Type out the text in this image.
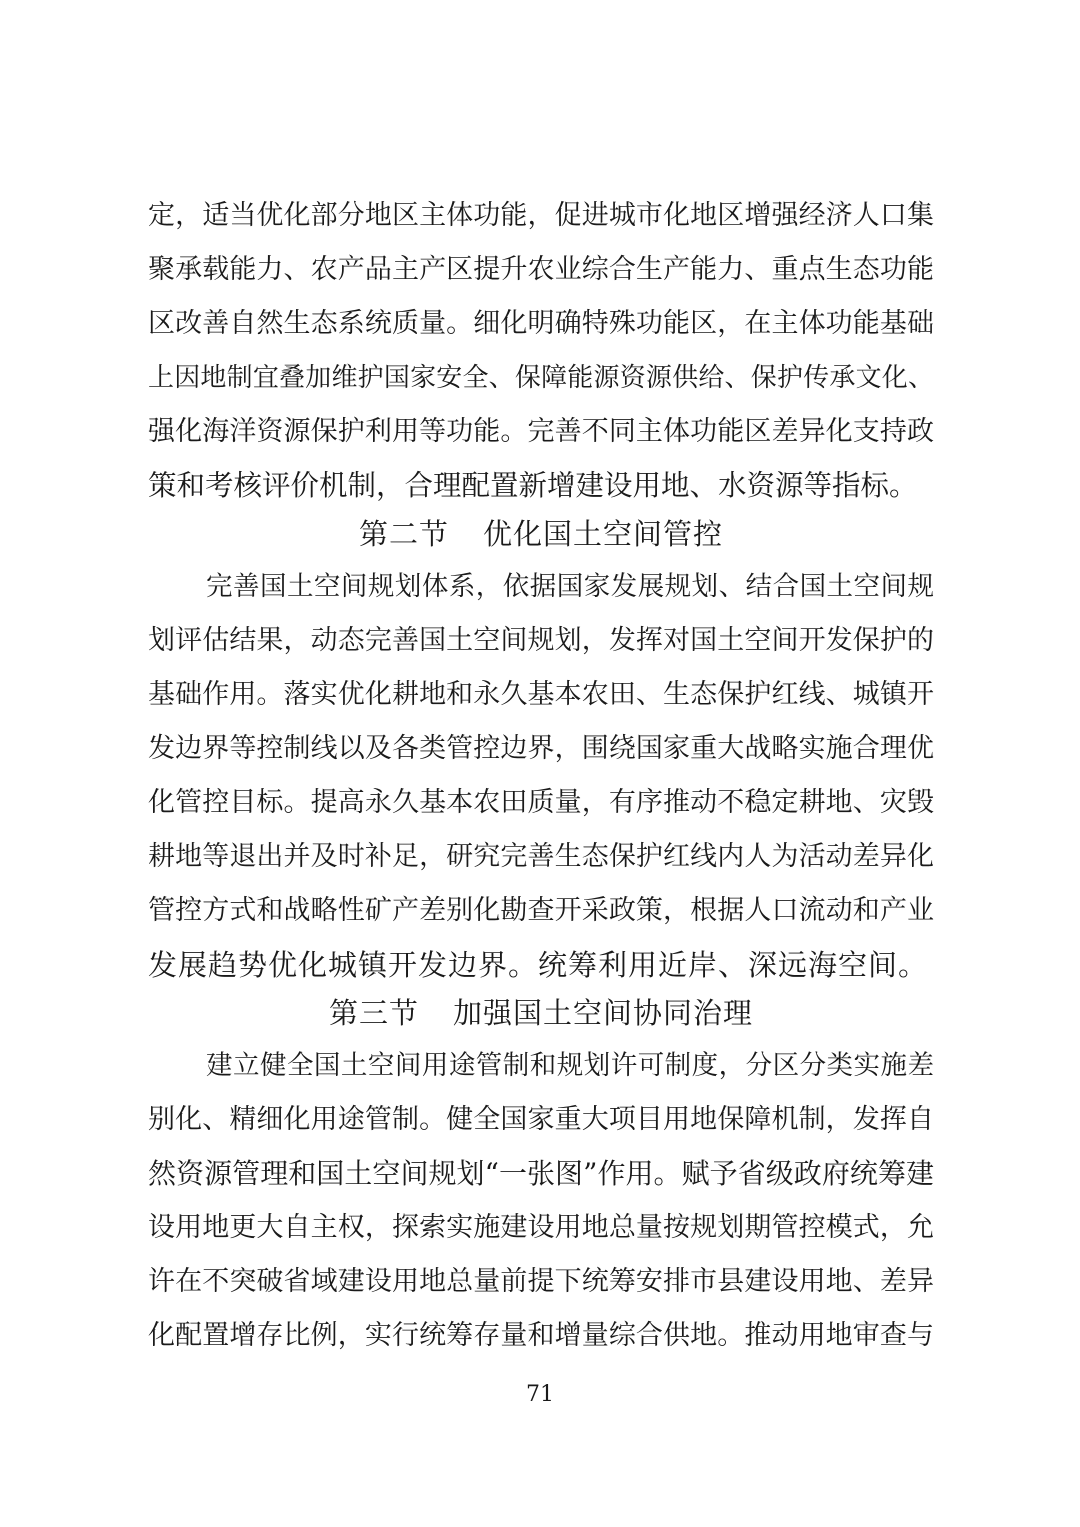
定，适当优化部分地区主体功能，促进城市化地区增强经济人口集
聚承载能力、农产品主产区提升农业综合生产能力、重点生态功能
区改善自然生态系统质量。细化明确特殊功能区，在主体功能基础
上因地制宜叠加维护国家安全、保障能源资源供给、保护传承文化、
强化海洋资源保护利用等功能。完善不同主体功能区差异化支持政
策和考核评价机制，合理配置新增建设用地、水资源等指标。
第二节 优化国土空间管控
完善国土空间规划体系，依据国家发展规划、结合国土空间规
划评估结果，动态完善国土空间规划，发挥对国土空间开发保护的
基础作用。落实优化耕地和永久基本农田、生态保护红线、城镇开
发边界等控制线以及各类管控边界，围绕国家重大战略实施合理优
化管控目标。提高永久基本农田质量，有序推动不稳定耕地、灾毁
耕地等退出并及时补足，研究完善生态保护红线内人为活动差异化
管控方式和战略性矿产差别化勘查开采政策，根据人口流动和产业
发展趋势优化城镇开发边界。统筹利用近岸、深远海空间。
第三节 加强国土空间协同治理
建立健全国土空间用途管制和规划许可制度，分区分类实施差
别化、精细化用途管制。健全国家重大项目用地保障机制，发挥自
然资源管理和国土空间规划“一张图”作用。赋予省级政府统筹建
设用地更大自主权，探索实施建设用地总量按规划期管控模式，允
许在不突破省域建设用地总量前提下统筹安排市县建设用地、差异
化配置增存比例，实行统筹存量和增量综合供地。推动用地审查与
71
